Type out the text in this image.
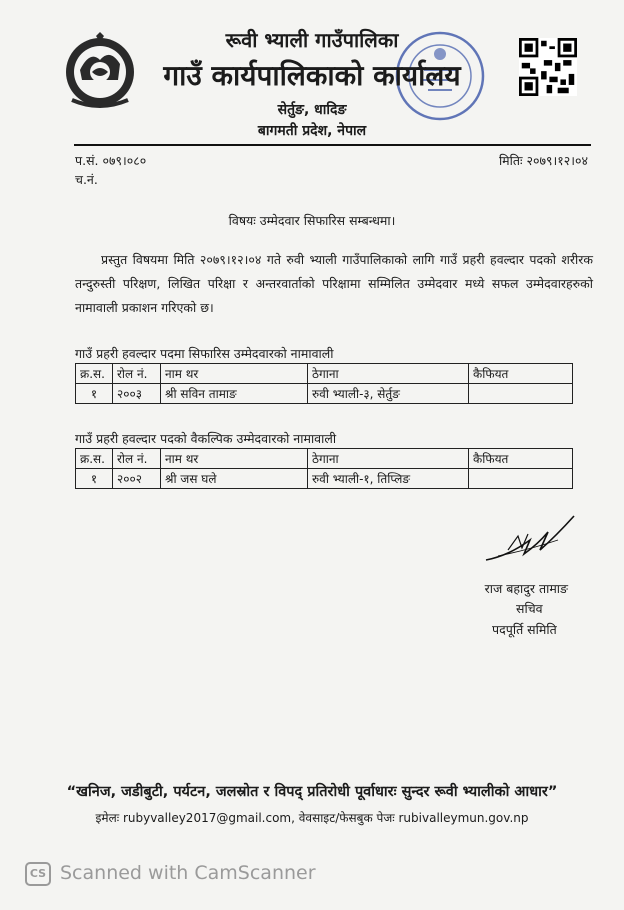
रूवी भ्याली गाउँपालिका
गाउँ कार्यपालिकाको कार्यालय
सेर्तुङ, धादिङ
बागमती प्रदेश, नेपाल
प.सं. ०७९।०८०
च.नं.
मितिः २०७९।१२।०४
विषयः उम्मेदवार सिफारिस सम्बन्धमा।
प्रस्तुत विषयमा मिति २०७९।१२।०४ गते रुवी भ्याली गाउँपालिकाको लागि गाउँ प्रहरी हवल्दार पदको शरीरक तन्दुरुस्ती परिक्षण, लिखित परिक्षा र अन्तरवार्ताको परिक्षामा सम्मिलित उम्मेदवार मध्ये सफल उम्मेदवारहरुको नामावाली प्रकाशन गरिएको छ।
गाउँ प्रहरी हवल्दार पदमा सिफारिस उम्मेदवारको नामावाली
क्र.स.	रोल नं.	नाम थर	ठेगाना	कैफियत
१	२००३	श्री सविन तामाङ	रुवी भ्याली-३, सेर्तुङ	
गाउँ प्रहरी हवल्दार पदको वैकल्पिक उम्मेदवारको नामावाली
क्र.स.	रोल नं.	नाम थर	ठेगाना	कैफियत
१	२००२	श्री जस घले	रुवी भ्याली-१, तिप्लिङ	
राज बहादुर तामाङ
सचिव
पदपूर्ति समिति
“खनिज, जडीबुटी, पर्यटन, जलस्रोत र विपद् प्रतिरोधी पूर्वाधारः सुन्दर रूवी भ्यालीको आधार”
इमेलः rubyvalley2017@gmail.com, वेवसाइट/फेसबुक पेजः rubivalleymun.gov.np
CS Scanned with CamScanner
